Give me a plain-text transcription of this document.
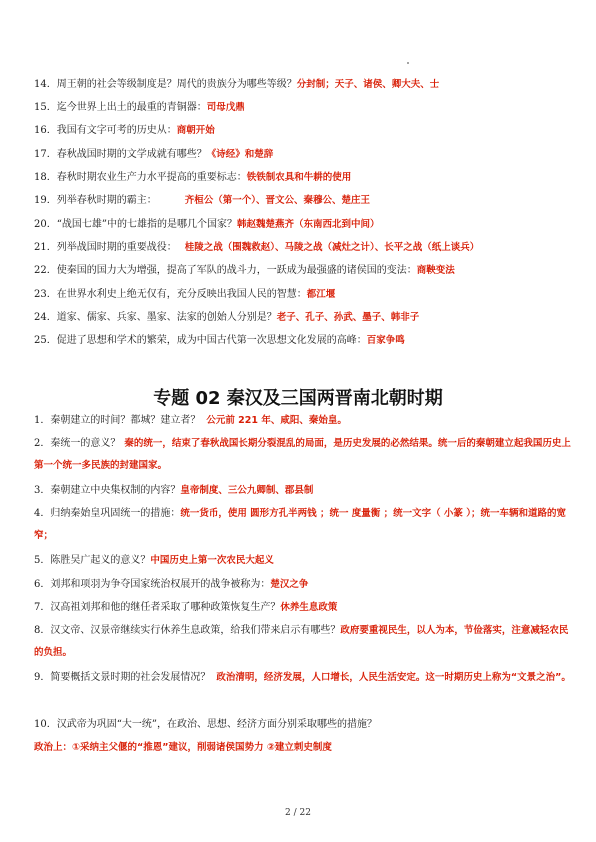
14．周王朝的社会等级制度是？周代的贵族分为哪些等级？分封制；天子、诸侯、卿大夫、士
15．迄今世界上出土的最重的青铜器：司母戊鼎
16．我国有文字可考的历史从：商朝开始
17．春秋战国时期的文学成就有哪些？《诗经》和楚辞
18．春秋时期农业生产力水平提高的重要标志：铁铁制农具和牛耕的使用
19．列举春秋时期的霸主：	齐桓公（第一个）、晋文公、秦穆公、楚庄王
20．“战国七雄”中的七雄指的是哪几个国家？韩赵魏楚燕齐（东南西北到中间）
21．列举战国时期的重要战役： 桂陵之战（围魏救赵）、马陵之战（减灶之计）、长平之战（纸上谈兵）
22．使秦国的国力大为增强，提高了军队的战斗力，一跃成为最强盛的诸侯国的变法：商鞅变法
23．在世界水利史上绝无仅有，充分反映出我国人民的智慧：都江堰
24．道家、儒家、兵家、墨家、法家的创始人分别是？老子、孔子、孙武、墨子、韩非子
25．促进了思想和学术的繁荣，成为中国古代第一次思想文化发展的高峰：百家争鸣
专题 02 秦汉及三国两晋南北朝时期
1．秦朝建立的时间？都城？建立者？ 公元前 221 年、咸阳、秦始皇。
2．秦统一的意义？ 秦的统一，结束了春秋战国长期分裂混乱的局面，是历史发展的必然结果。统一后的秦朝建立起我国历史上第一个统一多民族的封建国家。
3．秦朝建立中央集权制的内容？皇帝制度、三公九卿制、郡县制
4．归纳秦始皇巩固统一的措施：统一货币，使用 圆形方孔半两钱 ；统一 度量衡 ；统一文字（ 小篆 ）；统一车辆和道路的宽窄；
5．陈胜吴广起义的意义？中国历史上第一次农民大起义
6．刘邦和项羽为争夺国家统治权展开的战争被称为：楚汉之争
7．汉高祖刘邦和他的继任者采取了哪种政策恢复生产？休养生息政策
8．汉文帝、汉景帝继续实行休养生息政策，给我们带来启示有哪些？政府要重视民生，以人为本，节俭落实，注意减轻农民的负担。
9．简要概括文景时期的社会发展情况？ 政治清明，经济发展，人口增长，人民生活安定。这一时期历史上称为“文景之治”。
10．汉武帝为巩固“大一统”，在政治、思想、经济方面分别采取哪些的措施？
政治上：①采纳主父偃的“推恩”建议，削弱诸侯国势力 ②建立刺史制度
2 / 22
